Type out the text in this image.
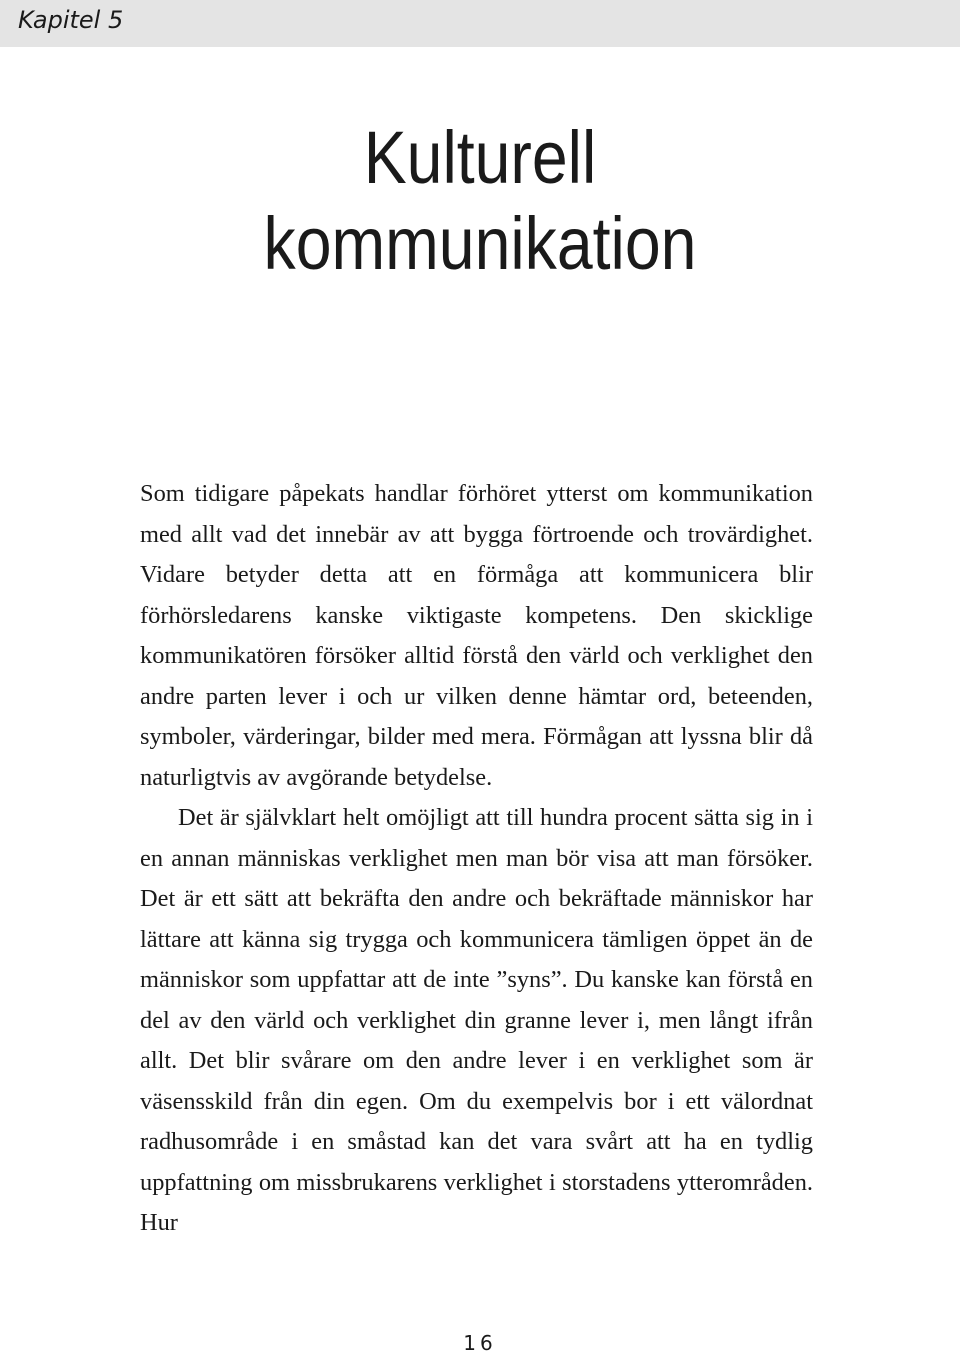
Kapitel 5

Kulturell
kommunikation

Som tidigare påpekats handlar förhöret ytterst om kommunikation med allt vad det innebär av att bygga förtroende och trovärdighet. Vidare betyder detta att en förmåga att kommunicera blir förhörsledarens kanske viktigaste kompetens. Den skicklige kommunikatören försöker alltid förstå den värld och verklighet den andre parten lever i och ur vilken denne hämtar ord, beteenden, symboler, värderingar, bilder med mera. Förmågan att lyssna blir då naturligtvis av avgörande betydelse.

Det är självklart helt omöjligt att till hundra procent sätta sig in i en annan människas verklighet men man bör visa att man försöker. Det är ett sätt att bekräfta den andre och bekräftade människor har lättare att känna sig trygga och kommunicera tämligen öppet än de människor som uppfattar att de inte ”syns”. Du kanske kan förstå en del av den värld och verklighet din granne lever i, men långt ifrån allt. Det blir svårare om den andre lever i en verklighet som är väsensskild från din egen. Om du exempelvis bor i ett välordnat radhusområde i en småstad kan det vara svårt att ha en tydlig uppfattning om missbrukarens verklighet i storstadens ytterområden. Hur

16
